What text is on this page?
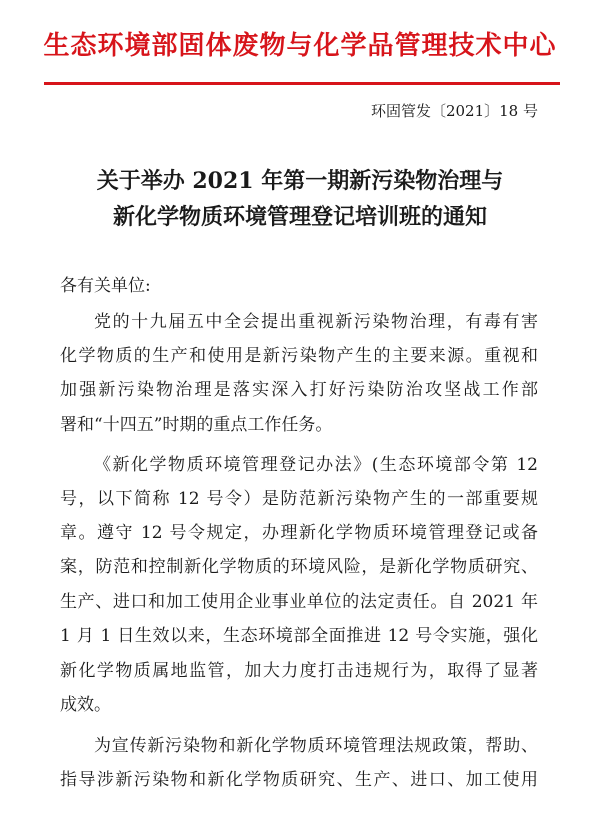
生态环境部固体废物与化学品管理技术中心
环固管发〔2021〕18 号
关于举办 2021 年第一期新污染物治理与
新化学物质环境管理登记培训班的通知
各有关单位:
党的十九届五中全会提出重视新污染物治理，有毒有害
化学物质的生产和使用是新污染物产生的主要来源。重视和
加强新污染物治理是落实深入打好污染防治攻坚战工作部
署和“十四五”时期的重点工作任务。
《新化学物质环境管理登记办法》(生态环境部令第 12
号，以下简称 12 号令）是防范新污染物产生的一部重要规
章。遵守 12 号令规定，办理新化学物质环境管理登记或备
案，防范和控制新化学物质的环境风险，是新化学物质研究、
生产、进口和加工使用企业事业单位的法定责任。自 2021 年
1 月 1 日生效以来，生态环境部全面推进 12 号令实施，强化
新化学物质属地监管，加大力度打击违规行为，取得了显著
成效。
为宣传新污染物和新化学物质环境管理法规政策，帮助、
指导涉新污染物和新化学物质研究、生产、进口、加工使用
